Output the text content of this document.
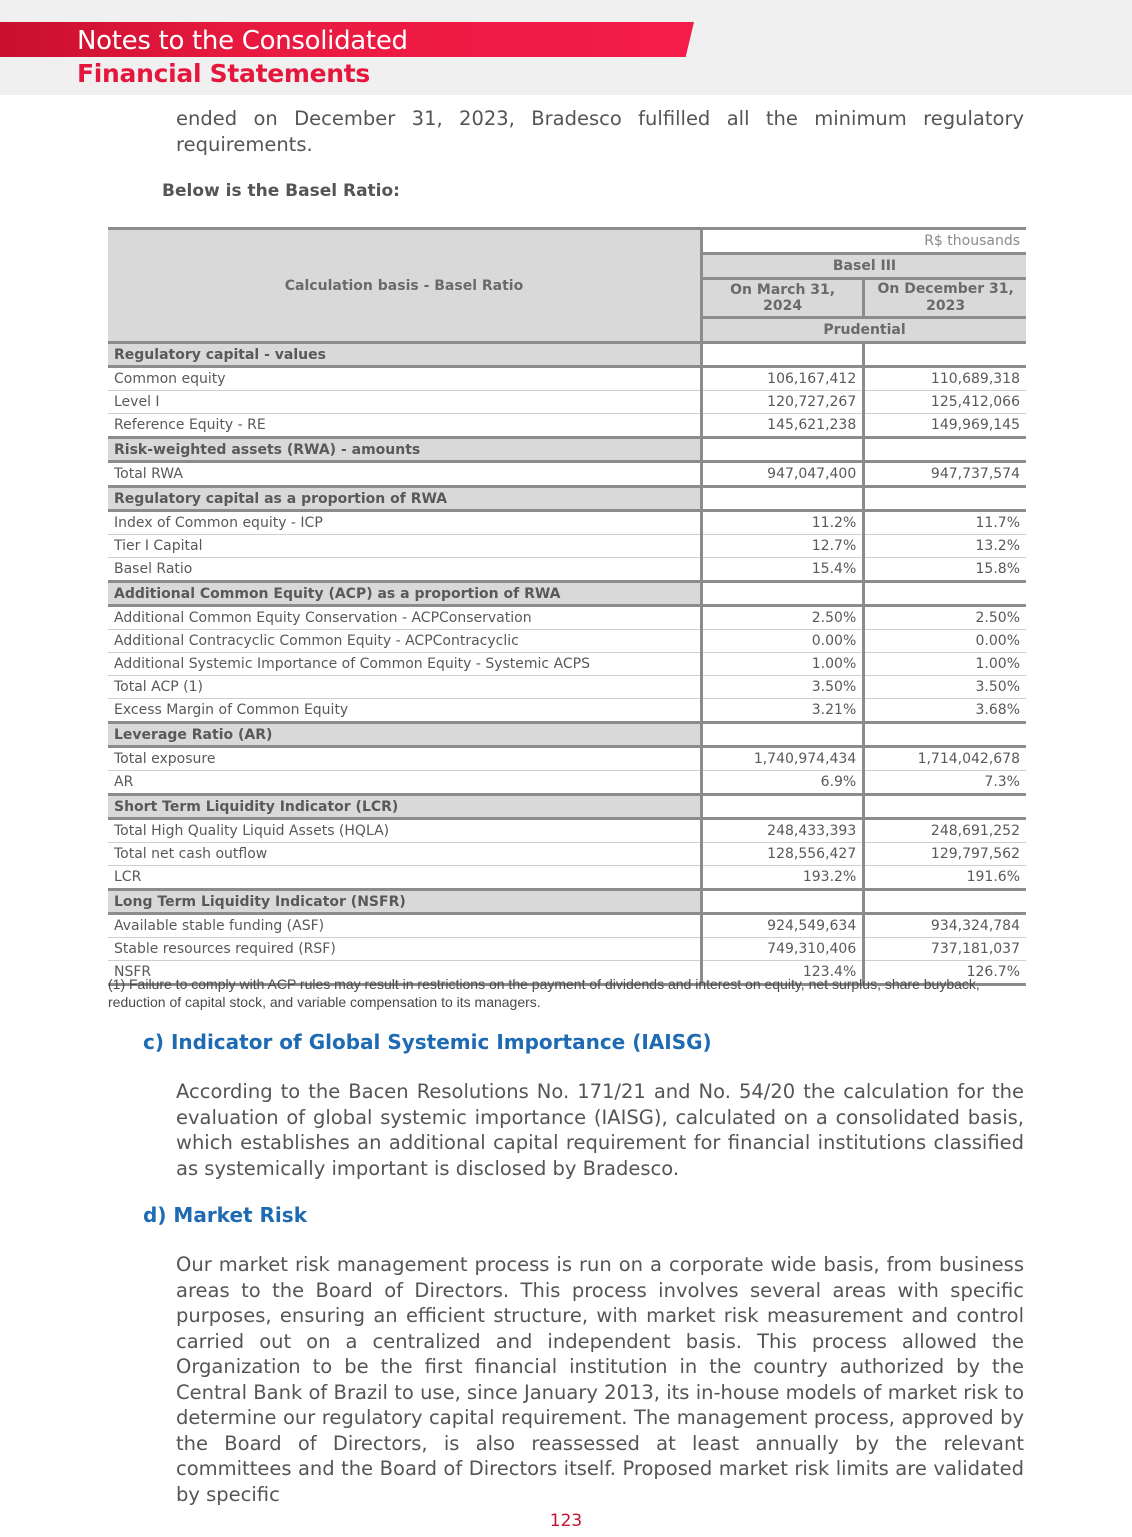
Notes to the Consolidated
Financial Statements
ended on December 31, 2023, Bradesco fulfilled all the minimum regulatory requirements.
Below is the Basel Ratio:
Calculation basis - Basel Ratio	R$ thousands	
	Basel III	
	On March 31, 2024	On December 31, 2023
	Prudential	
Regulatory capital - values		
Common equity	106,167,412	110,689,318
Level I	120,727,267	125,412,066
Reference Equity - RE	145,621,238	149,969,145
Risk-weighted assets (RWA) - amounts		
Total RWA	947,047,400	947,737,574
Regulatory capital as a proportion of RWA		
Index of Common equity - ICP	11.2%	11.7%
Tier I Capital	12.7%	13.2%
Basel Ratio	15.4%	15.8%
Additional Common Equity (ACP) as a proportion of RWA		
Additional Common Equity Conservation - ACPConservation	2.50%	2.50%
Additional Contracyclic Common Equity - ACPContracyclic	0.00%	0.00%
Additional Systemic Importance of Common Equity - Systemic ACPS	1.00%	1.00%
Total ACP (1)	3.50%	3.50%
Excess Margin of Common Equity	3.21%	3.68%
Leverage Ratio (AR)		
Total exposure	1,740,974,434	1,714,042,678
AR	6.9%	7.3%
Short Term Liquidity Indicator (LCR)		
Total High Quality Liquid Assets (HQLA)	248,433,393	248,691,252
Total net cash outflow	128,556,427	129,797,562
LCR	193.2%	191.6%
Long Term Liquidity Indicator (NSFR)		
Available stable funding (ASF)	924,549,634	934,324,784
Stable resources required (RSF)	749,310,406	737,181,037
NSFR	123.4%	126.7%
(1) Failure to comply with ACP rules may result in restrictions on the payment of dividends and interest on equity, net surplus, share buyback, reduction of capital stock, and variable compensation to its managers.
c) Indicator of Global Systemic Importance (IAISG)
According to the Bacen Resolutions No. 171/21 and No. 54/20 the calculation for the evaluation of global systemic importance (IAISG), calculated on a consolidated basis, which establishes an additional capital requirement for financial institutions classified as systemically important is disclosed by Bradesco.
d) Market Risk
Our market risk management process is run on a corporate wide basis, from business areas to the Board of Directors. This process involves several areas with specific purposes, ensuring an efficient structure, with market risk measurement and control carried out on a centralized and independent basis. This process allowed the Organization to be the first financial institution in the country authorized by the Central Bank of Brazil to use, since January 2013, its in-house models of market risk to determine our regulatory capital requirement. The management process, approved by the Board of Directors, is also reassessed at least annually by the relevant committees and the Board of Directors itself. Proposed market risk limits are validated by specific
123
